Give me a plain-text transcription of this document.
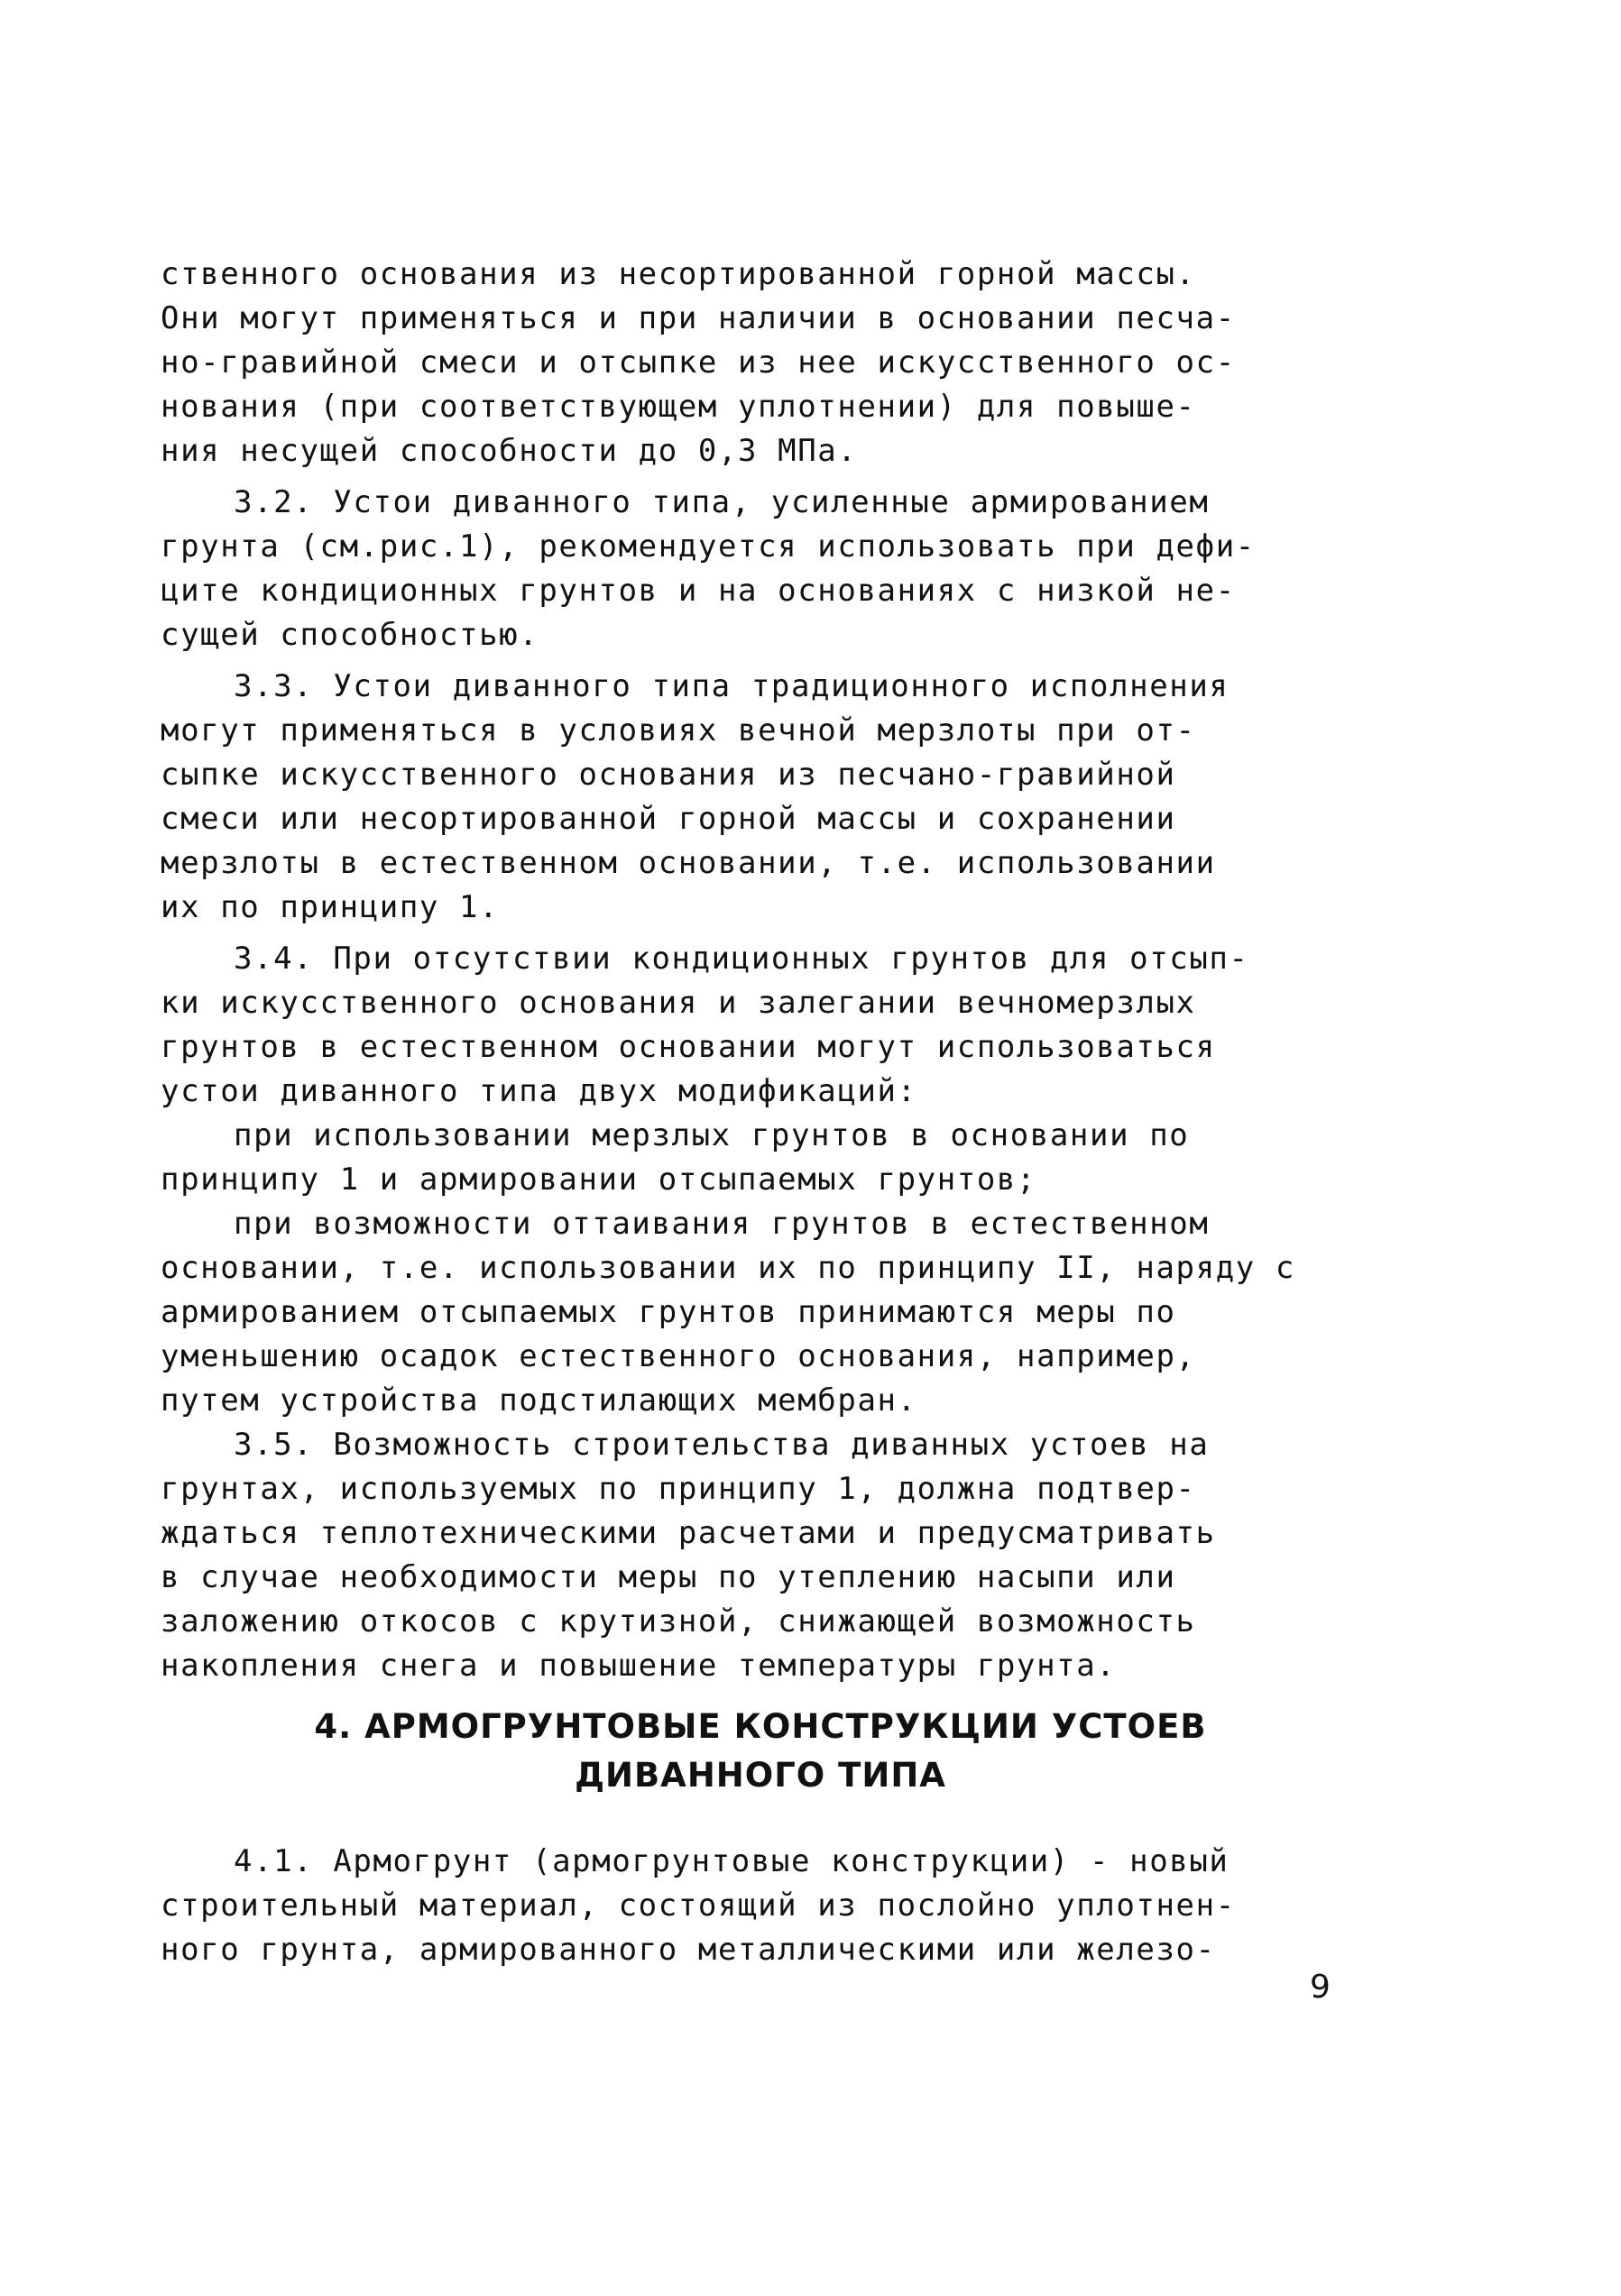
ственного основания из несортированной горной массы.
Они могут применяться и при наличии в основании песча-
но-гравийной смеси и отсыпке из нее искусственного ос-
нования (при соответствующем уплотнении) для повыше-
ния несущей способности до 0,3 МПа.
3.2. Устои диванного типа, усиленные армированием
грунта (см.рис.1), рекомендуется использовать при дефи-
ците кондиционных грунтов и на основаниях с низкой не-
сущей способностью.
3.3. Устои диванного типа традиционного исполнения
могут применяться в условиях вечной мерзлоты при от-
сыпке искусственного основания из песчано-гравийной
смеси или несортированной горной массы и сохранении
мерзлоты в естественном основании, т.е. использовании
их по принципу 1.
3.4. При отсутствии кондиционных грунтов для отсып-
ки искусственного основания и залегании вечномерзлых
грунтов в естественном основании могут использоваться
устои диванного типа двух модификаций:
при использовании мерзлых грунтов в основании по
принципу 1 и армировании отсыпаемых грунтов;
при возможности оттаивания грунтов в естественном
основании, т.е. использовании их по принципу II, наряду с
армированием отсыпаемых грунтов принимаются меры по
уменьшению осадок естественного основания, например,
путем устройства подстилающих мембран.
3.5. Возможность строительства диванных устоев на
грунтах, используемых по принципу 1, должна подтвер-
ждаться теплотехническими расчетами и предусматривать
в случае необходимости меры по утеплению насыпи или
заложению откосов с крутизной, снижающей возможность
накопления снега и повышение температуры грунта.
4. АРМОГРУНТОВЫЕ КОНСТРУКЦИИ УСТОЕВ
ДИВАННОГО ТИПА
4.1. Армогрунт (армогрунтовые конструкции) - новый
строительный материал, состоящий из послойно уплотнен-
ного грунта, армированного металлическими или железо-
9
